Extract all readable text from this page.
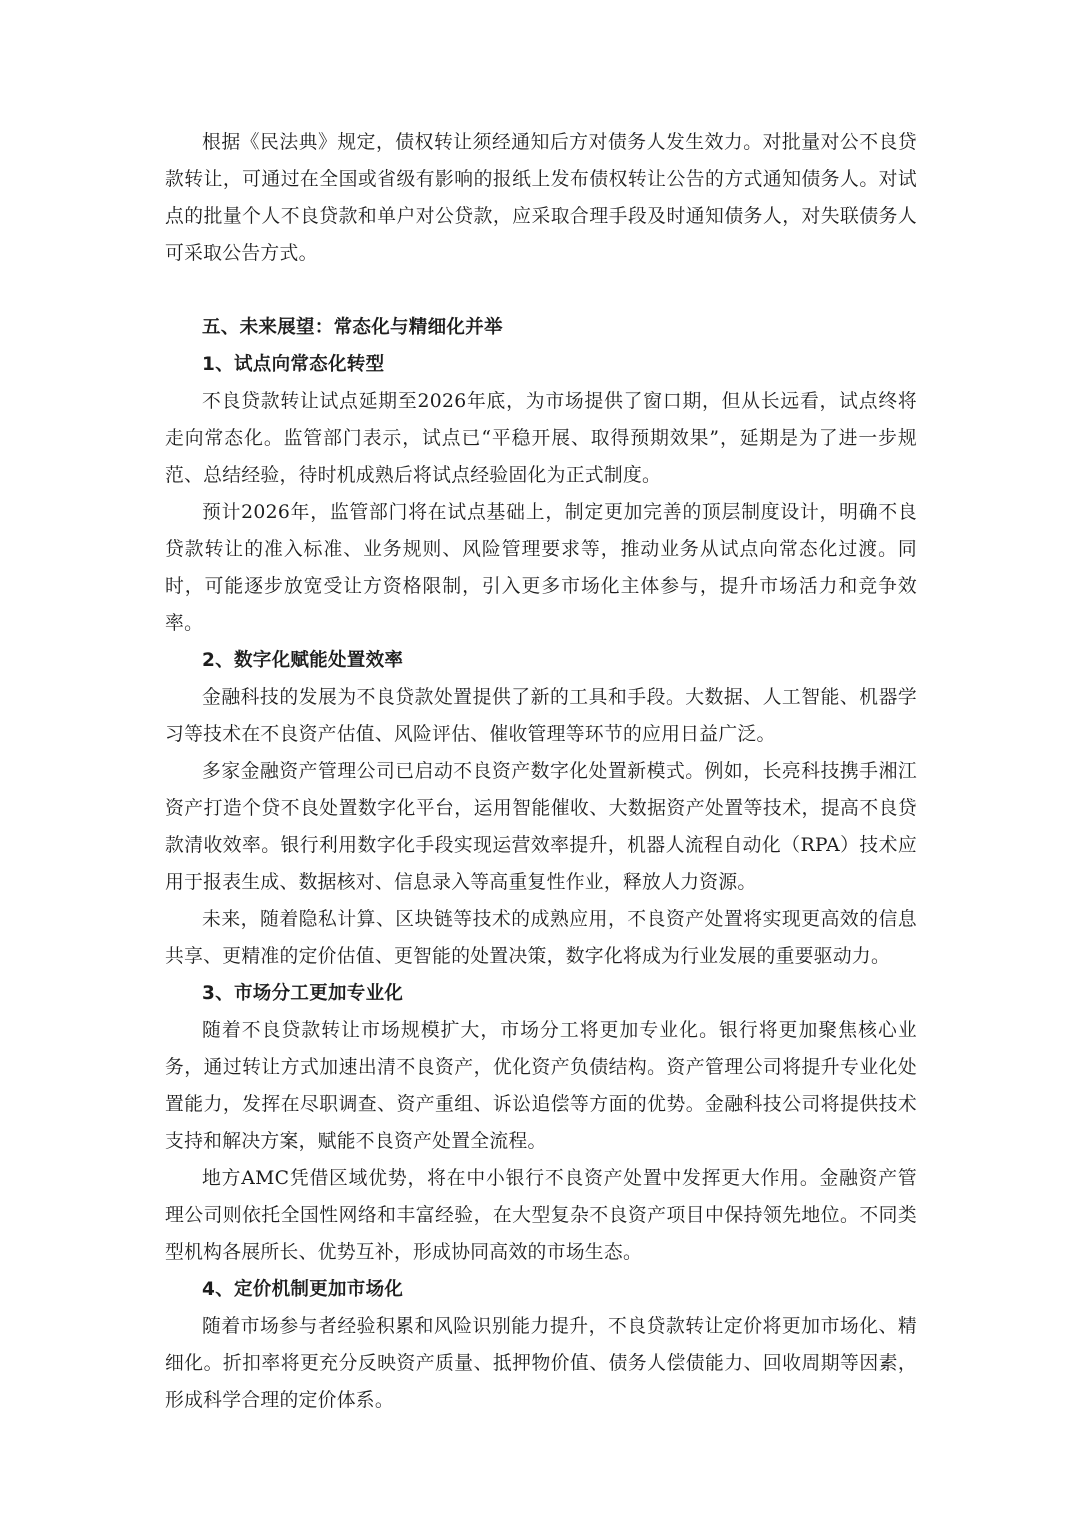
根据《民法典》规定，债权转让须经通知后方对债务人发生效力。对批量对公不良贷款转让，可通过在全国或省级有影响的报纸上发布债权转让公告的方式通知债务人。对试点的批量个人不良贷款和单户对公贷款，应采取合理手段及时通知债务人，对失联债务人可采取公告方式。

五、未来展望：常态化与精细化并举

1、试点向常态化转型

不良贷款转让试点延期至2026年底，为市场提供了窗口期，但从长远看，试点终将走向常态化。监管部门表示，试点已“平稳开展、取得预期效果”，延期是为了进一步规范、总结经验，待时机成熟后将试点经验固化为正式制度。

预计2026年，监管部门将在试点基础上，制定更加完善的顶层制度设计，明确不良贷款转让的准入标准、业务规则、风险管理要求等，推动业务从试点向常态化过渡。同时，可能逐步放宽受让方资格限制，引入更多市场化主体参与，提升市场活力和竞争效率。

2、数字化赋能处置效率

金融科技的发展为不良贷款处置提供了新的工具和手段。大数据、人工智能、机器学习等技术在不良资产估值、风险评估、催收管理等环节的应用日益广泛。

多家金融资产管理公司已启动不良资产数字化处置新模式。例如，长亮科技携手湘江资产打造个贷不良处置数字化平台，运用智能催收、大数据资产处置等技术，提高不良贷款清收效率。银行利用数字化手段实现运营效率提升，机器人流程自动化（RPA）技术应用于报表生成、数据核对、信息录入等高重复性作业，释放人力资源。

未来，随着隐私计算、区块链等技术的成熟应用，不良资产处置将实现更高效的信息共享、更精准的定价估值、更智能的处置决策，数字化将成为行业发展的重要驱动力。

3、市场分工更加专业化

随着不良贷款转让市场规模扩大，市场分工将更加专业化。银行将更加聚焦核心业务，通过转让方式加速出清不良资产，优化资产负债结构。资产管理公司将提升专业化处置能力，发挥在尽职调查、资产重组、诉讼追偿等方面的优势。金融科技公司将提供技术支持和解决方案，赋能不良资产处置全流程。

地方AMC凭借区域优势，将在中小银行不良资产处置中发挥更大作用。金融资产管理公司则依托全国性网络和丰富经验，在大型复杂不良资产项目中保持领先地位。不同类型机构各展所长、优势互补，形成协同高效的市场生态。

4、定价机制更加市场化

随着市场参与者经验积累和风险识别能力提升，不良贷款转让定价将更加市场化、精细化。折扣率将更充分反映资产质量、抵押物价值、债务人偿债能力、回收周期等因素，形成科学合理的定价体系。
